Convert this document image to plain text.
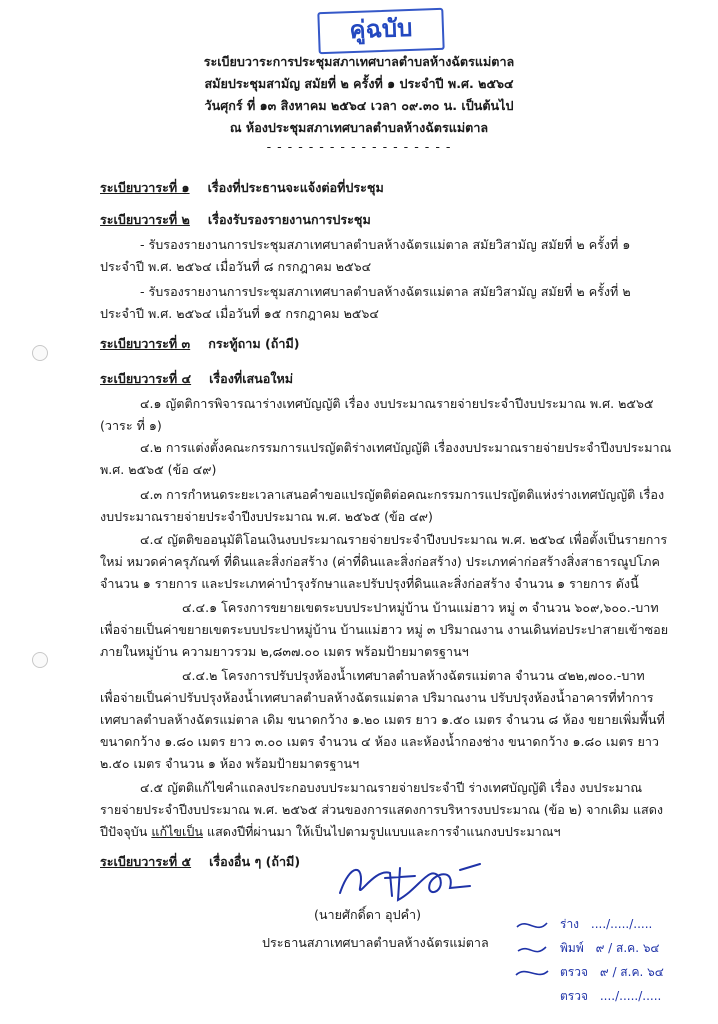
คู่ฉบับ
ระเบียบวาระการประชุมสภาเทศบาลตำบลห้างฉัตรแม่ตาล
สมัยประชุมสามัญ สมัยที่ ๒ ครั้งที่ ๑ ประจำปี พ.ศ. ๒๕๖๔
วันศุกร์ ที่ ๑๓ สิงหาคม ๒๕๖๔ เวลา ๐๙.๓๐ น. เป็นต้นไป
ณ ห้องประชุมสภาเทศบาลตำบลห้างฉัตรแม่ตาล
- - - - - - - - - - - - - - - - - -
ระเบียบวาระที่ ๑ เรื่องที่ประธานจะแจ้งต่อที่ประชุม
ระเบียบวาระที่ ๒ เรื่องรับรองรายงานการประชุม
- รับรองรายงานการประชุมสภาเทศบาลตำบลห้างฉัตรแม่ตาล สมัยวิสามัญ สมัยที่ ๒ ครั้งที่ ๑
ประจำปี พ.ศ. ๒๕๖๔ เมื่อวันที่ ๘ กรกฎาคม ๒๕๖๔
- รับรองรายงานการประชุมสภาเทศบาลตำบลห้างฉัตรแม่ตาล สมัยวิสามัญ สมัยที่ ๒ ครั้งที่ ๒
ประจำปี พ.ศ. ๒๕๖๔ เมื่อวันที่ ๑๕ กรกฎาคม ๒๕๖๔
ระเบียบวาระที่ ๓ กระทู้ถาม (ถ้ามี)
ระเบียบวาระที่ ๔ เรื่องที่เสนอใหม่
๔.๑ ญัตติการพิจารณาร่างเทศบัญญัติ เรื่อง งบประมาณรายจ่ายประจำปีงบประมาณ พ.ศ. ๒๕๖๕
(วาระ ที่ ๑)
๔.๒ การแต่งตั้งคณะกรรมการแปรญัตติร่างเทศบัญญัติ เรื่องงบประมาณรายจ่ายประจำปีงบประมาณ
พ.ศ. ๒๕๖๕ (ข้อ ๔๙)
๔.๓ การกำหนดระยะเวลาเสนอคำขอแปรญัตติต่อคณะกรรมการแปรญัตติแห่งร่างเทศบัญญัติ เรื่อง
งบประมาณรายจ่ายประจำปีงบประมาณ พ.ศ. ๒๕๖๕ (ข้อ ๔๙)
๔.๔ ญัตติขออนุมัติโอนเงินงบประมาณรายจ่ายประจำปีงบประมาณ พ.ศ. ๒๕๖๔ เพื่อตั้งเป็นรายการ
ใหม่ หมวดค่าครุภัณฑ์ ที่ดินและสิ่งก่อสร้าง (ค่าที่ดินและสิ่งก่อสร้าง) ประเภทค่าก่อสร้างสิ่งสาธารณูปโภค
จำนวน ๑ รายการ และประเภทค่าบำรุงรักษาและปรับปรุงที่ดินและสิ่งก่อสร้าง จำนวน ๑ รายการ ดังนี้
๔.๔.๑ โครงการขยายเขตระบบประปาหมู่บ้าน บ้านแม่ฮาว หมู่ ๓ จำนวน ๖๐๙,๖๐๐.-บาท
เพื่อจ่ายเป็นค่าขยายเขตระบบประปาหมู่บ้าน บ้านแม่ฮาว หมู่ ๓ ปริมาณงาน งานเดินท่อประปาสายเข้าซอย
ภายในหมู่บ้าน ความยาวรวม ๒,๘๓๗.๐๐ เมตร พร้อมป้ายมาตรฐานฯ
๔.๔.๒ โครงการปรับปรุงห้องน้ำเทศบาลตำบลห้างฉัตรแม่ตาล จำนวน ๔๒๒,๗๐๐.-บาท
เพื่อจ่ายเป็นค่าปรับปรุงห้องน้ำเทศบาลตำบลห้างฉัตรแม่ตาล ปริมาณงาน ปรับปรุงห้องน้ำอาคารที่ทำการ
เทศบาลตำบลห้างฉัตรแม่ตาล เดิม ขนาดกว้าง ๑.๒๐ เมตร ยาว ๑.๕๐ เมตร จำนวน ๘ ห้อง ขยายเพิ่มพื้นที่
ขนาดกว้าง ๑.๘๐ เมตร ยาว ๓.๐๐ เมตร จำนวน ๔ ห้อง และห้องน้ำกองช่าง ขนาดกว้าง ๑.๘๐ เมตร ยาว
๒.๕๐ เมตร จำนวน ๑ ห้อง พร้อมป้ายมาตรฐานฯ
๔.๕ ญัตติแก้ไขคำแถลงประกอบงบประมาณรายจ่ายประจำปี ร่างเทศบัญญัติ เรื่อง งบประมาณ
รายจ่ายประจำปีงบประมาณ พ.ศ. ๒๕๖๕ ส่วนของการแสดงการบริหารงบประมาณ (ข้อ ๒) จากเดิม แสดง
ปีปัจจุบัน แก้ไขเป็น แสดงปีที่ผ่านมา ให้เป็นไปตามรูปแบบและการจำแนกงบประมาณฯ
ระเบียบวาระที่ ๕ เรื่องอื่น ๆ (ถ้ามี)
(นายศักดิ์ดา อุปคำ)
ประธานสภาเทศบาลตำบลห้างฉัตรแม่ตาล
ร่าง ..../...../.....
พิมพ์ ๙ / ส.ค. ๖๔
ตรวจ ๙ / ส.ค. ๖๔
ตรวจ ..../...../.....
